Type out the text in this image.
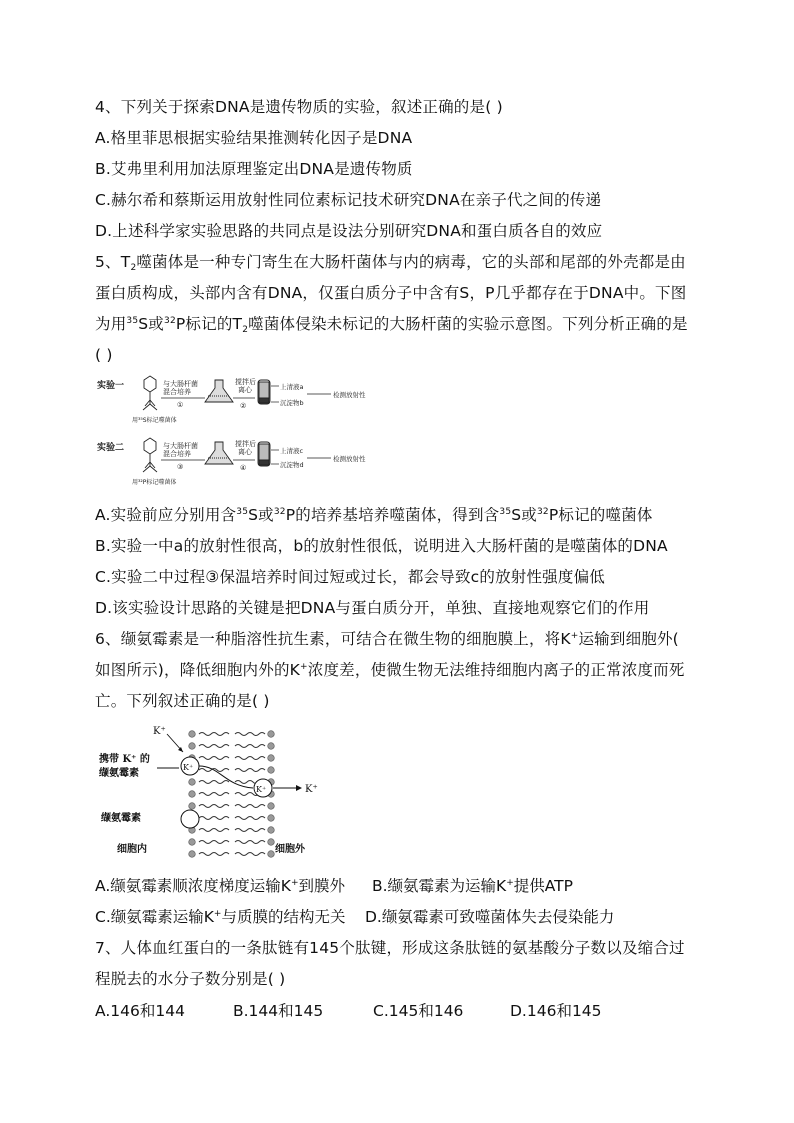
4、下列关于探索DNA是遗传物质的实验，叙述正确的是( )
A.格里菲思根据实验结果推测转化因子是DNA
B.艾弗里利用加法原理鉴定出DNA是遗传物质
C.赫尔希和蔡斯运用放射性同位素标记技术研究DNA在亲子代之间的传递
D.上述科学家实验思路的共同点是设法分别研究DNA和蛋白质各自的效应
5、$T_2$噬菌体是一种专门寄生在大肠杆菌体与内的病毒，它的头部和尾部的外壳都是由
蛋白质构成，头部内含有DNA，仅蛋白质分子中含有S，P几乎都存在于DNA中。下图
为用$^{35}$S或$^{32}$P标记的$T_2$噬菌体侵染未标记的大肠杆菌的实验示意图。下列分析正确的是
( )
实验一
用³⁵S标记噬菌体
与大肠杆菌
混合培养
①
搅拌后
离心
②
上清液a
沉淀物b
检测放射性
实验二
用³²P标记噬菌体
与大肠杆菌
混合培养
③
搅拌后
离心
④
上清液c
沉淀物d
检测放射性
A.实验前应分别用含$^{35}$S或$^{32}$P的培养基培养噬菌体，得到含$^{35}$S或$^{32}$P标记的噬菌体
B.实验一中a的放射性很高，b的放射性很低，说明进入大肠杆菌的是噬菌体的DNA
C.实验二中过程③保温培养时间过短或过长，都会导致c的放射性强度偏低
D.该实验设计思路的关键是把DNA与蛋白质分开，单独、直接地观察它们的作用
6、缬氨霉素是一种脂溶性抗生素，可结合在微生物的细胞膜上，将K+运输到细胞外(
如图所示)，降低细胞内外的K+浓度差，使微生物无法维持细胞内离子的正常浓度而死
亡。下列叙述正确的是( )
K⁺
携带 K⁺ 的
缬氨霉素
K⁺
K⁺	K⁺
缬氨霉素
细胞内	细胞外
A.缬氨霉素顺浓度梯度运输K+到膜外 B.缬氨霉素为运输K+提供ATP
C.缬氨霉素运输K+与质膜的结构无关 D.缬氨霉素可致噬菌体失去侵染能力
7、人体血红蛋白的一条肽链有145个肽键，形成这条肽链的氨基酸分子数以及缩合过
程脱去的水分子数分别是( )
A.146和144	B.144和145	C.145和146	D.146和145
